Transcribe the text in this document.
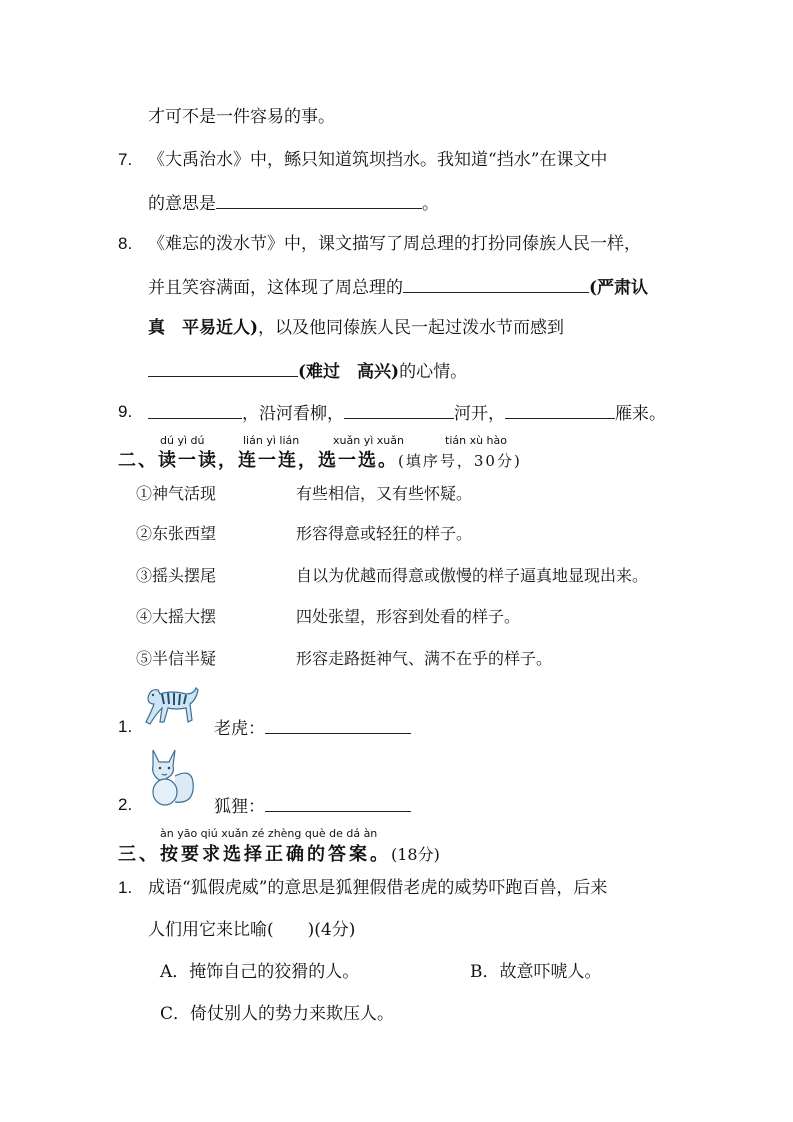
才可不是一件容易的事。
7. 《大禹治水》中，鲧只知道筑坝挡水。我知道“挡水”在课文中
的意思是	。
8. 《难忘的泼水节》中，课文描写了周总理的打扮同傣族人民一样，
并且笑容满面，这体现了周总理的	(严肃认
真　平易近人)，以及他同傣族人民一起过泼水节而感到
(难过　高兴)的心情。
9.	，沿河看柳，	河开，	雁来。
dú yì dú	lián yì lián	xuǎn yì xuǎn	tián xù hào
二、读一读，连一连，选一选。(填序号，30分)
①神气活现	有些相信，又有些怀疑。
②东张西望	形容得意或轻狂的样子。
③摇头摆尾	自以为优越而得意或傲慢的样子逼真地显现出来。
④大摇大摆	四处张望，形容到处看的样子。
⑤半信半疑	形容走路挺神气、满不在乎的样子。
1.	老虎：
2.	狐狸：
àn yāo qiú xuǎn zé zhèng què de dá àn
三、按要求选择正确的答案。(18分)
1. 成语“狐假虎威”的意思是狐狸假借老虎的威势吓跑百兽，后来
人们用它来比喻(　　)(4分)
A．掩饰自己的狡猾的人。	B．故意吓唬人。
C．倚仗别人的势力来欺压人。
